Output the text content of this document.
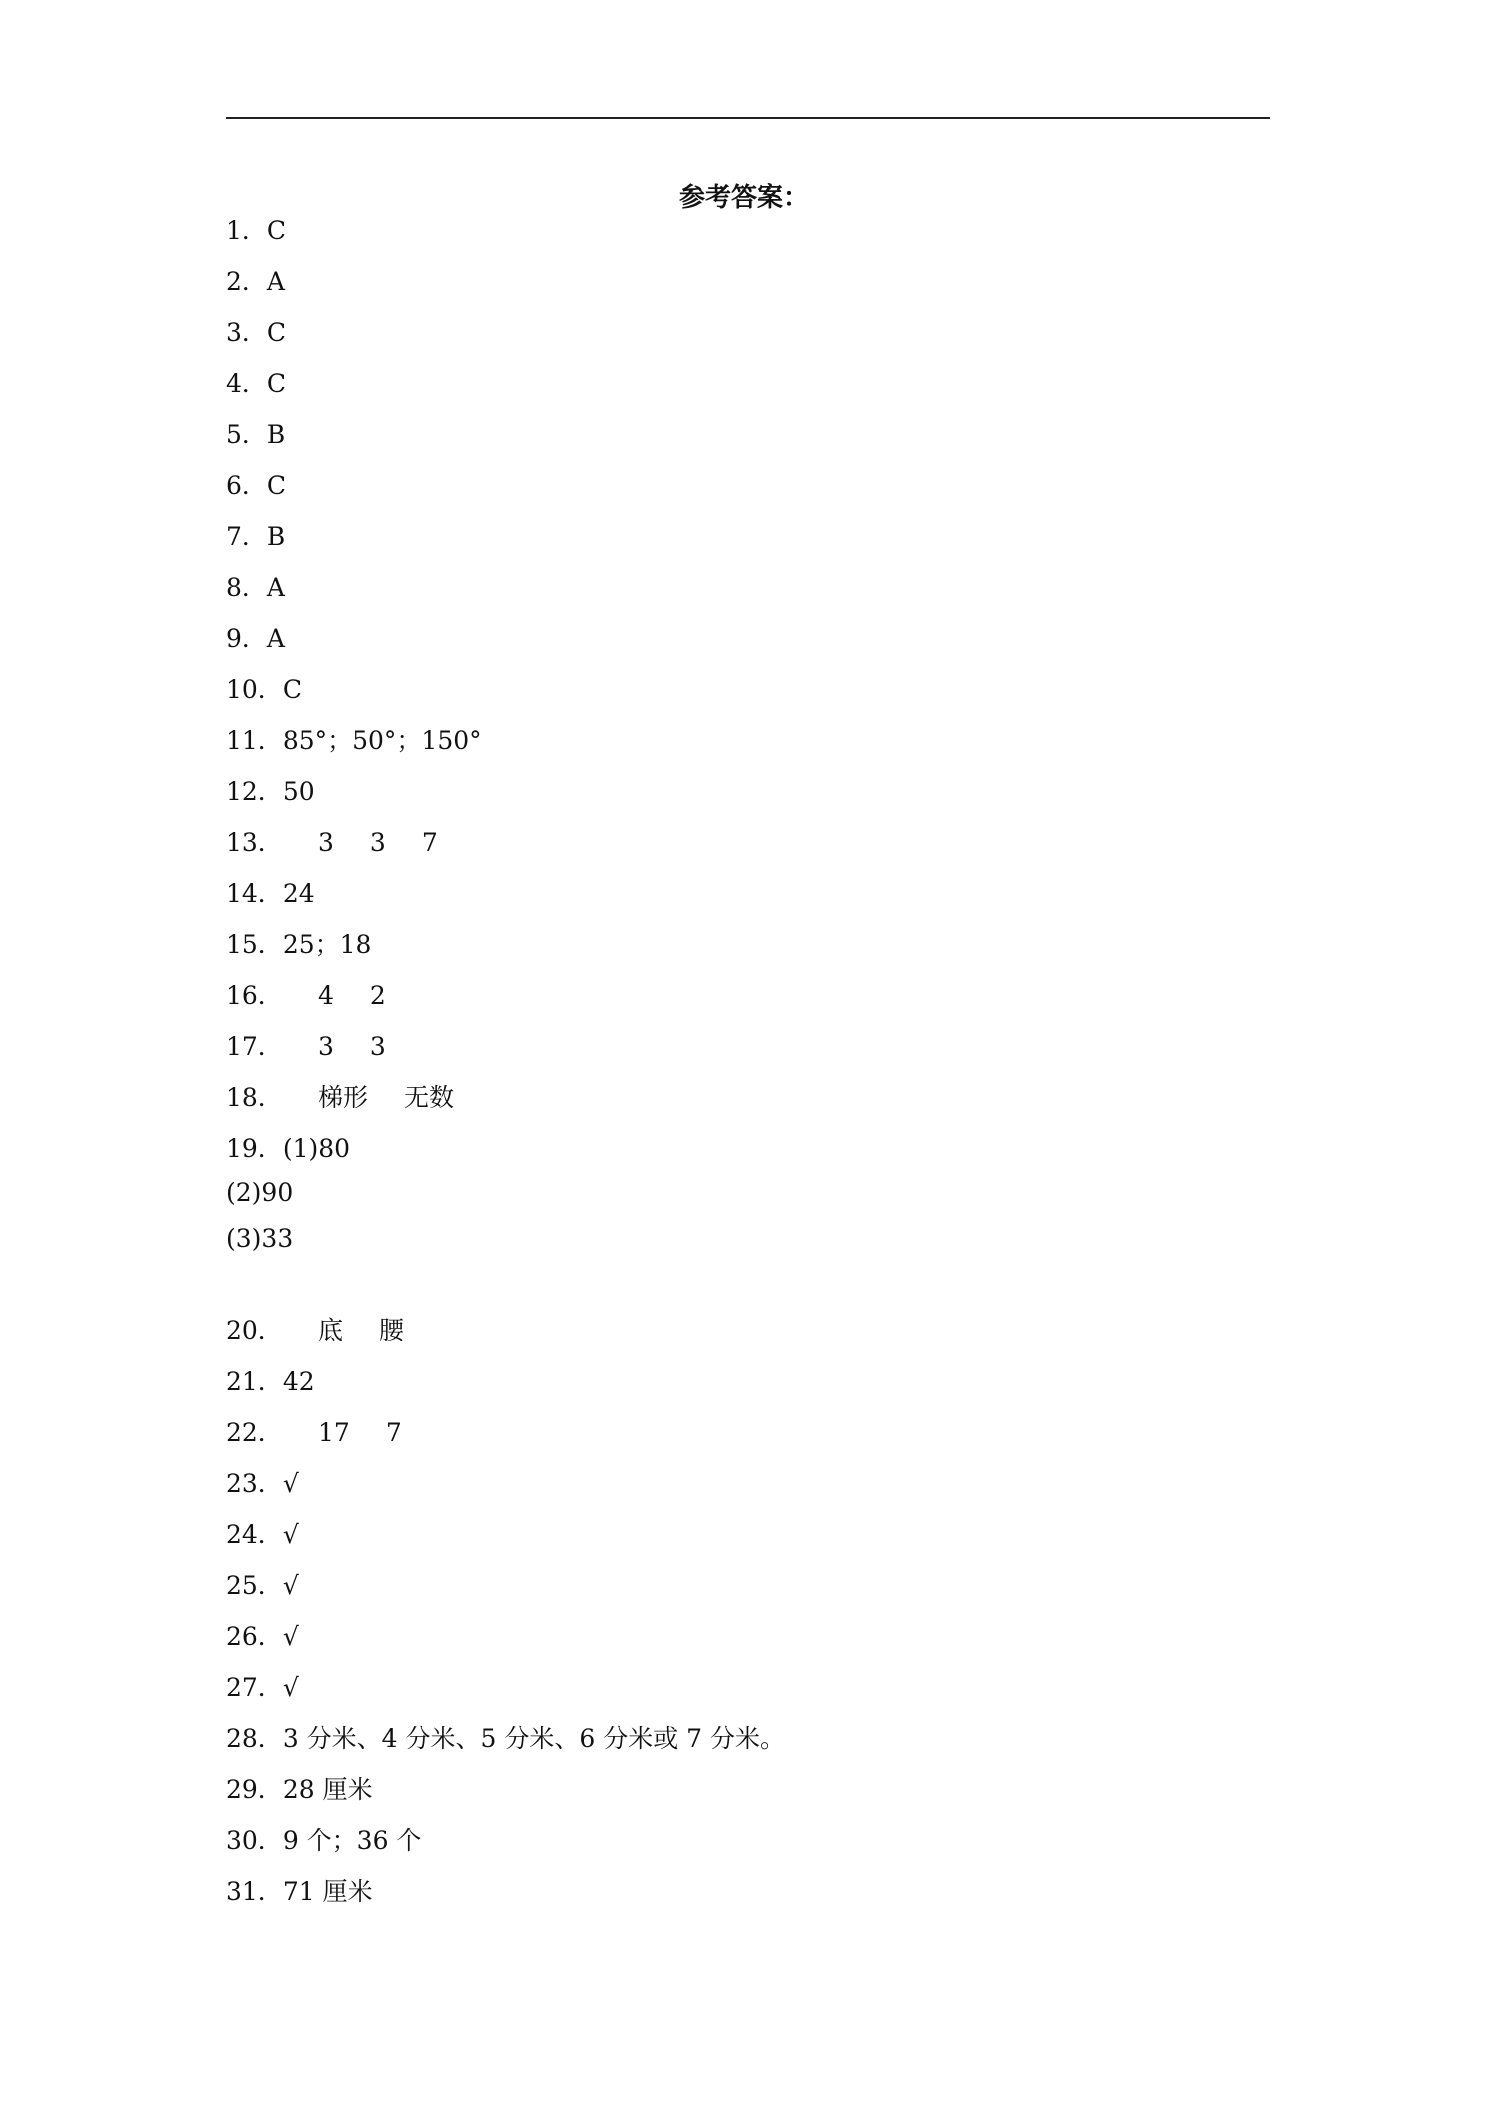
参考答案：
1．C
2．A
3．C
4．C
5．B
6．C
7．B
8．A
9．A
10．C
11．85°；50°；150°
12．50
13． 3 3 7
14．24
15．25；18
16． 4 2
17． 3 3
18． 梯形 无数
19．(1)80
(2)90
(3)33
20． 底 腰
21．42
22． 17 7
23．√
24．√
25．√
26．√
27．√
28．3 分米、4 分米、5 分米、6 分米或 7 分米。
29．28 厘米
30．9 个；36 个
31．71 厘米
